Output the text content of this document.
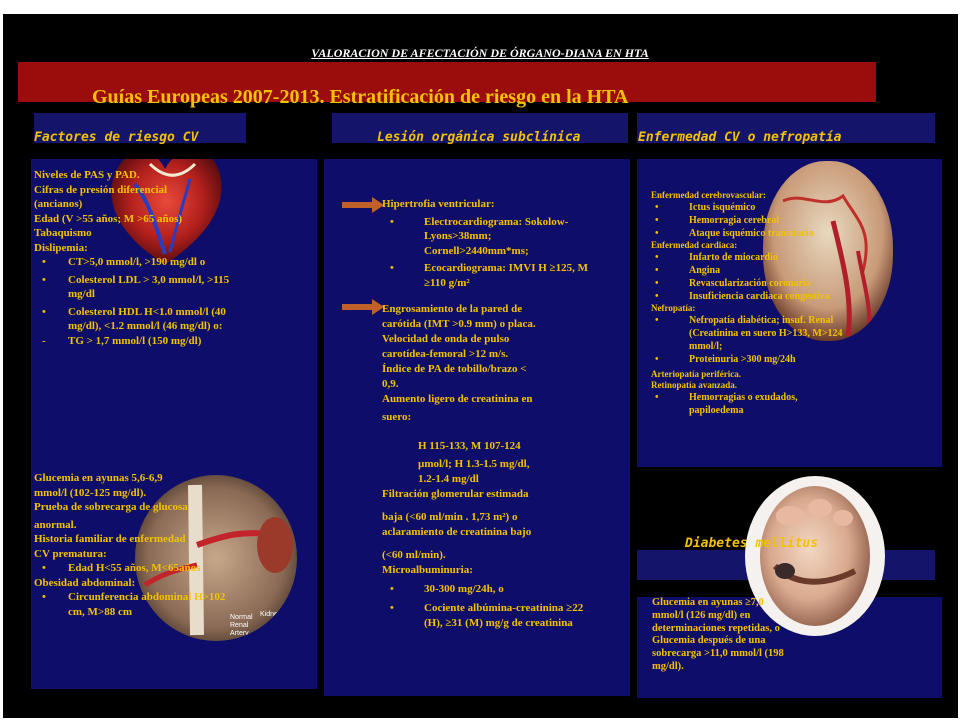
VALORACION DE AFECTACIÓN DE ÓRGANO-DIANA EN HTA
Guías Europeas 2007-2013. Estratificación de riesgo en la HTA
Factores de riesgo CV	Lesión orgánica subclínica	Enfermedad CV o nefropatía
Kidney
Normal
Renal
Artery
Niveles de PAS y PAD.
Cifras de presión diferencial
(ancianos)
Edad (V >55 años; M >65 años)
Tabaquismo
Dislipemia:
• CT>5,0 mmol/l, >190 mg/dl o
• Colesterol LDL > 3,0 mmol/l, >115 mg/dl
• Colesterol HDL H<1.0 mmol/l (40 mg/dl), <1.2 mmol/l (46 mg/dl) o:
- TG > 1,7 mmol/l (150 mg/dl)
Glucemia en ayunas 5,6-6,9
mmol/l (102-125 mg/dl).
Prueba de sobrecarga de glucosa
anormal.
Historia familiar de enfermedad
CV prematura:
• Edad H<55 años, M<65años
Obesidad abdominal:
• Circunferencia abdominal H>102 cm, M>88 cm
Hipertrofia ventricular:
• Electrocardiograma: Sokolow-Lyons>38mm; Cornell>2440mm*ms;
• Ecocardiograma: IMVI H ≥125, M ≥110 g/m²
Engrosamiento de la pared de
carótida (IMT >0.9 mm) o placa.
Velocidad de onda de pulso
carotídea-femoral >12 m/s.
Índice de PA de tobillo/brazo <
0,9.
Aumento ligero de creatinina en
suero:
H 115-133, M 107-124
µmol/l; H 1.3-1.5 mg/dl,
1.2-1.4 mg/dl
Filtración glomerular estimada
baja (<60 ml/min . 1,73 m²) o
aclaramiento de creatinina bajo
(<60 ml/min).
Microalbuminuria:
• 30-300 mg/24h, o
• Cociente albúmina-creatinina ≥22 (H), ≥31 (M) mg/g de creatinina
Enfermedad cerebrovascular:
• Ictus isquémico
• Hemorragia cerebral
• Ataque isquémico transitorio
Enfermedad cardiaca:
• Infarto de miocardio
• Angina
• Revascularización coronaria
• Insuficiencia cardiaca congestiva
Nefropatía:
• Nefropatía diabética; insuf. Renal (Creatinina en suero H>133, M>124 mmol/l;
• Proteinuria >300 mg/24h
Arteriopatía periférica.
Retinopatía avanzada.
• Hemorragias o exudados, papiloedema
Diabetes mellitus
Glucemia en ayunas ≥7,0
mmol/l (126 mg/dl) en
determinaciones repetidas, o
Glucemia después de una
sobrecarga >11,0 mmol/l (198
mg/dl).
